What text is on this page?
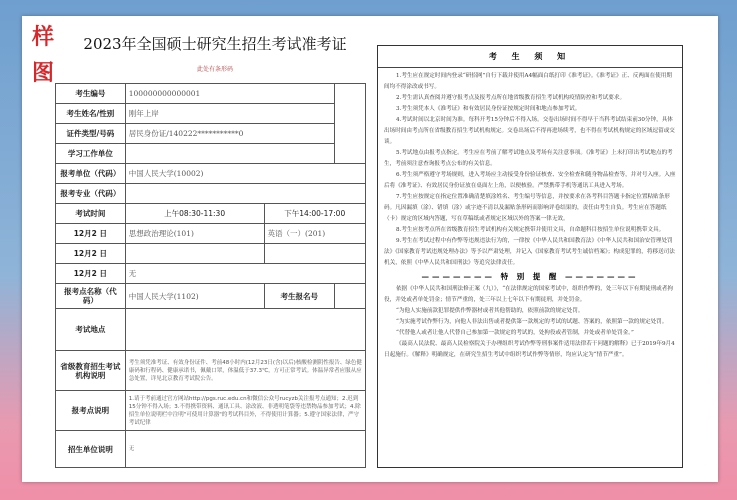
样
图
2023年全国硕士研究生招生考试准考证
此处有条形码
考生编号	100000000000001		
考生姓名/性别	刚年上岸		
证件类型/号码	居民身份证/140222***********0		
学习工作单位			
报考单位（代码）	中国人民大学(10002)		
报考专业（代码）			
考试时间	上午08:30-11:30	下午14:00-17:00	
12月2 日	思想政治理论(101)	英语（一）(201)	
12月2 日			
12月2 日	无		
报考点名称（代码）	中国人民大学(1102)	考生报名号	
考试地点			
省级教育招生考试机构说明	考生须凭准考证、有效身份证件、考前48小时内(12月23日(含)以后)核酸检测阴性报告、绿色健康码和行程码、健康承诺书，佩戴口罩，体温低于37.3℃，方可正常考试。体温异常者应服从应急处置，详见北京教育考试院公告。		
报考点说明	1.请于考前通过官方网站http://pgs.ruc.edu.cn和微信公众号rucyzb关注报考点通知；2.迟到15分钟不得入场；3.不得携带资料、通讯工具、涂改液、非透明笔袋等违禁物品参加考试；4.除招生单位说明栏中注明"可使用计算器"的考试科目外，不得使用计算器；5.遵守国家法律，严守考试纪律		
招生单位说明	无		
考 生 须 知

1.考生应在规定时间内登录“研招网”自行下载并使用A4幅面白纸打印《准考证》。《准考证》正、反两面在使用期间均不得涂改或书写。

2.考生需认真查阅并遵守报考点及报考点所在地省级教育招生考试机构疫情防控和考试要求。

3.考生须凭本人《准考证》和有效居民身份证按规定时间和地点参加考试。

4.考试时间以北京时间为准。每科开考15分钟后不得入场。交卷出场时间不得早于当科考试结束前30分钟，具体出场时间由考点所在省级教育招生考试机构规定。交卷出场后不得再进场续考，也不得在考试机构规定的区域逗留或交谈。

5.考试地点由报考点指定。考生应在考前了解考试地点及考场有关注意事项。《准考证》上未打印出考试地点的考生，考前须注意查询报考点公布的有关信息。

6.考生须严格遵守考场规则，进入考场应主动接受身份验证核查、安全检查和随身物品检查等，并对号入座。入座后将《准考证》、有效居民身份证放在桌面左上角，以便核验。严禁携带手机等通讯工具进入考场。

7.考生应按规定在指定位置准确清楚填涂姓名、考生编号等信息，并按要求在各考科目答题卡指定位置粘贴条形码。凡因漏填（涂）、错填（涂）或字迹不清以及漏贴条形码而影响评卷结果的，责任由考生自负。考生应在答题纸（卡）规定的区域内答题，写在草稿纸或者规定区域以外的答案一律无效。

8.考生应按考点所在省级教育招生考试机构有关规定携带并使用文具，自命题科目按招生单位说明携带文具。

9.考生在考试过程中有作弊等违规违法行为的，一律按《中华人民共和国教育法》《中华人民共和国治安管理处罚法》《国家教育考试违规处理办法》等予以严肃处理，并记入《国家教育考试考生诚信档案》；构成犯罪的，将移送司法机关，依照《中华人民共和国刑法》等追究法律责任。

——————— 特 别 提 醒 ———————

依据《中华人民共和国刑法修正案（九）》，“在法律规定的国家考试中，组织作弊的，处三年以下有期徒刑或者拘役，并处或者单处罚金；情节严重的，处三年以上七年以下有期徒刑，并处罚金。

“为他人实施前款犯罪提供作弊器材或者其他帮助的，依照前款的规定处罚。

“为实施考试作弊行为，向他人非法出售或者提供第一款规定的考试的试题、答案的，依照第一款的规定处罚。

“代替他人或者让他人代替自己参加第一款规定的考试的，处拘役或者管制，并处或者单处罚金。”

《最高人民法院、最高人民检察院关于办理组织考试作弊等刑事案件适用法律若干问题的解释》已于2019年9月4日起施行。《解释》明确规定，在研究生招生考试中组织考试作弊等情形，均应认定为“情节严重”。
